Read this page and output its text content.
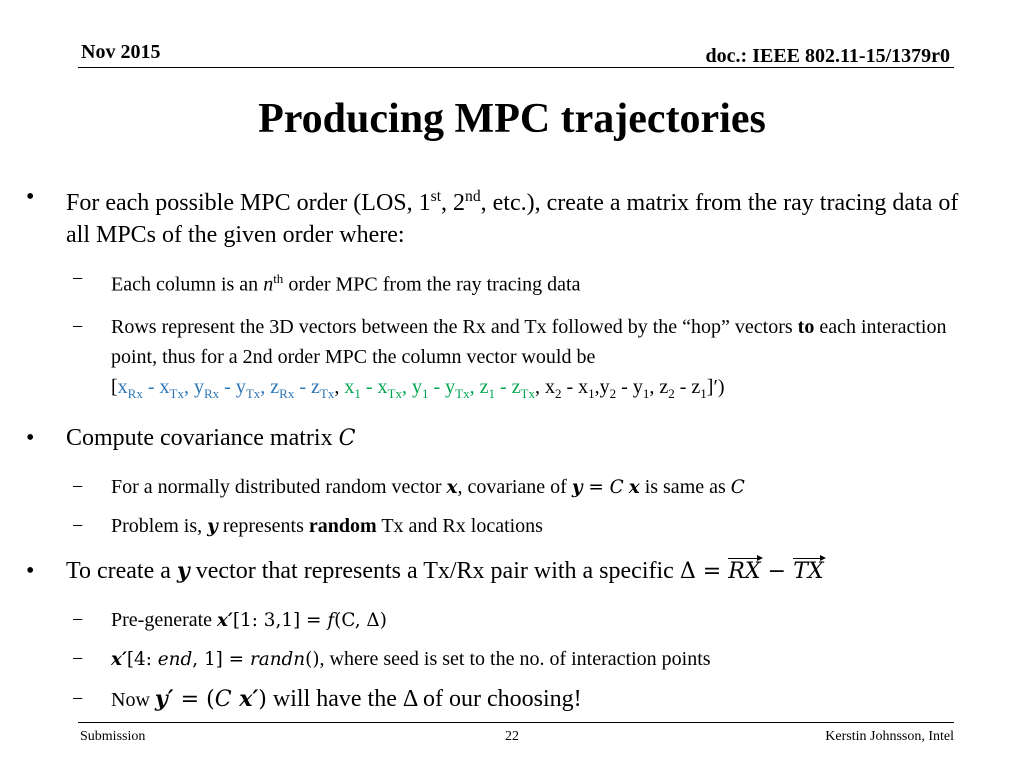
Nov 2015	doc.: IEEE 802.11-15/1379r0
Producing MPC trajectories
• For each possible MPC order (LOS, 1st, 2nd, etc.), create a matrix from the ray tracing data of all MPCs of the given order where:
− Each column is an $n^{th}$ order MPC from the ray tracing data
− Rows represent the 3D vectors between the Rx and Tx followed by the “hop” vectors to each interaction point, thus for a 2nd order MPC the column vector would be
[$x_{Rx} - x_{Tx}$, $y_{Rx} - y_{Tx}$, $z_{Rx} - z_{Tx}$, $x_1 - x_{Tx}$, $y_1 - y_{Tx}$, $z_1 - z_{Tx}$, $x_2 - x_1,y_2 - y_1$, $z_2 - z_1]'$)
• Compute covariance matrix C
− For a normally distributed random vector x, covariane of y = C x is same as C
− Problem is, y represents random Tx and Rx locations
• To create a y vector that represents a Tx/Rx pair with a specific Δ = RX − TX
− Pre-generate x′[1: 3,1] = f(C, Δ)
− x′[4: end, 1] = randn(), where seed is set to the no. of interaction points
− Now y′ = (C x′) will have the Δ of our choosing!
Submission	22	Kerstin Johnsson, Intel
